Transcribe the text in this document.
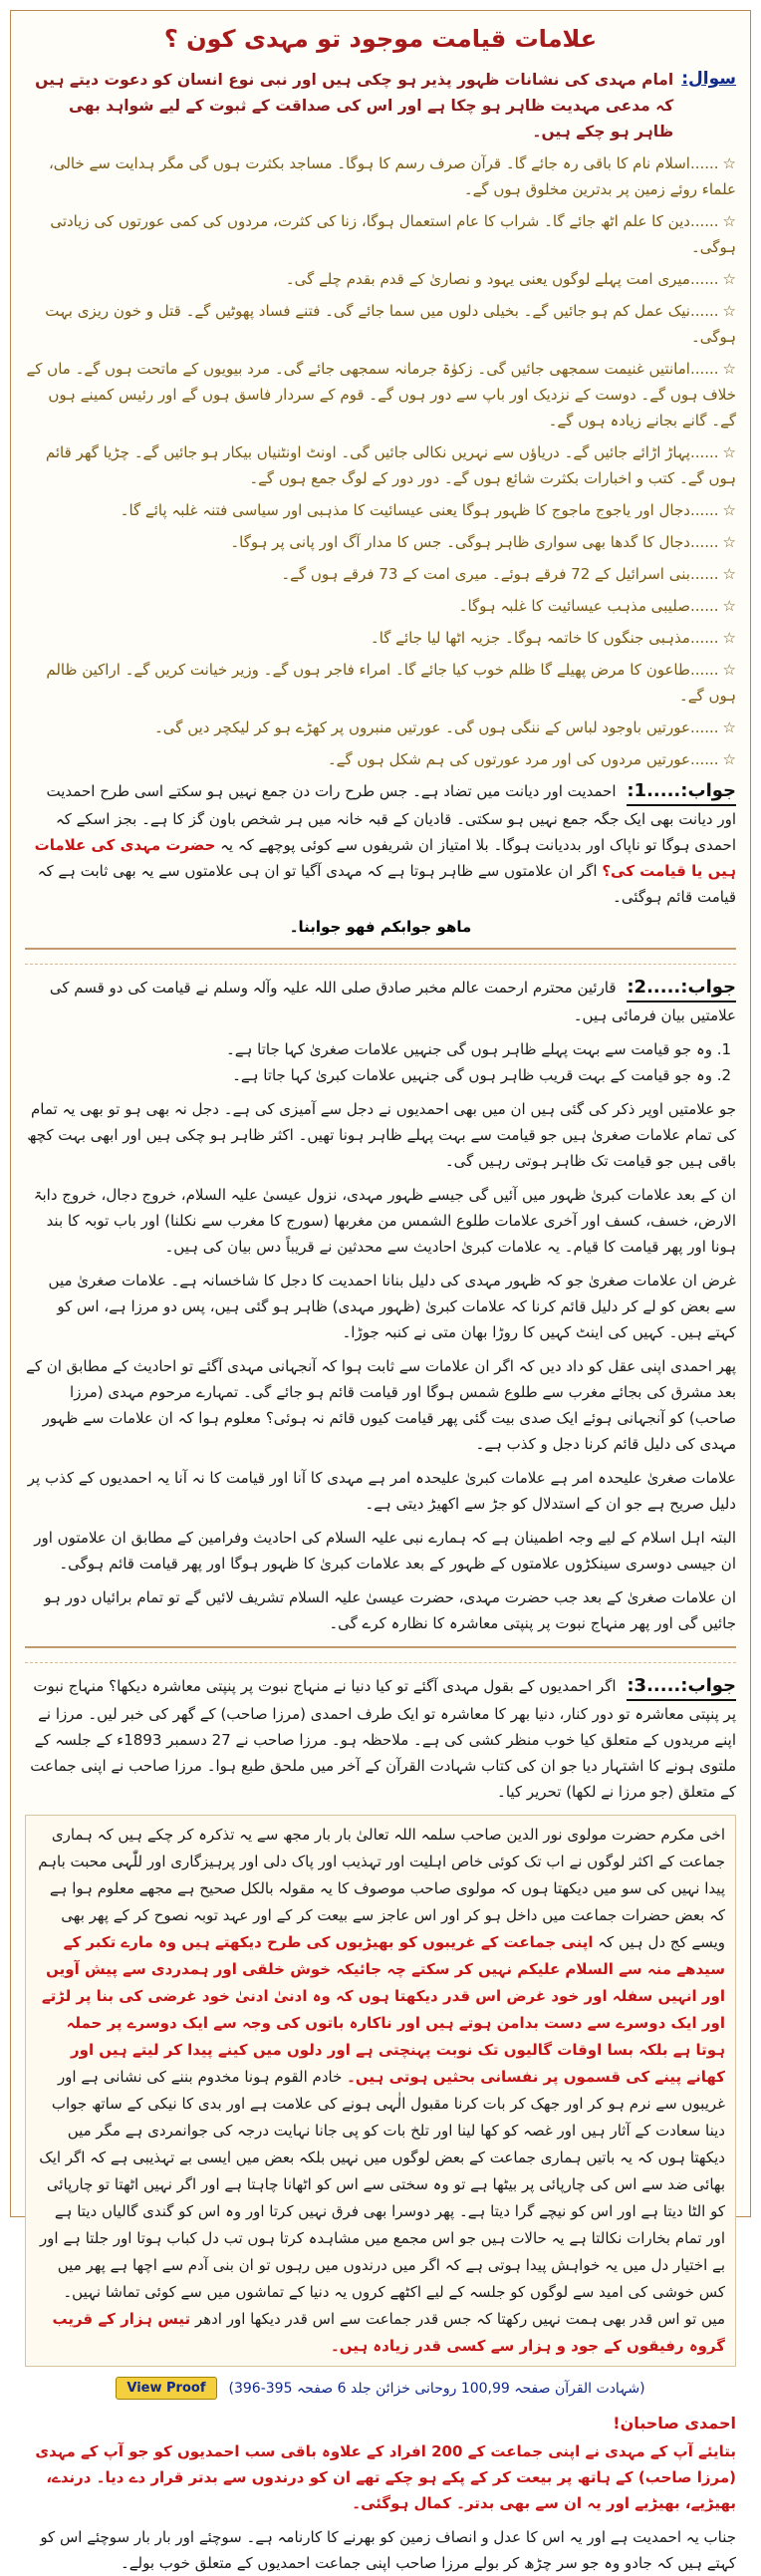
علامات قیامت موجود تو مہدی کون ؟
سوال:
امام مہدی کی نشانات ظہور پذیر ہو چکی ہیں اور نبی نوع انسان کو دعوت دیتے ہیں کہ مدعی مہدیت ظاہر ہو چکا ہے اور اس کی صداقت کے ثبوت کے لیے شواہد بھی ظاہر ہو چکے ہیں۔
☆......اسلام نام کا باقی رہ جائے گا۔ قرآن صرف رسم کا ہوگا۔ مساجد بکثرت ہوں گی مگر ہدایت سے خالی، علماء روئے زمین پر بدترین مخلوق ہوں گے۔
☆......دین کا علم اٹھ جائے گا۔ شراب کا عام استعمال ہوگا، زنا کی کثرت، مردوں کی کمی عورتوں کی زیادتی ہوگی۔
☆......میری امت پہلے لوگوں یعنی یہود و نصاریٰ کے قدم بقدم چلے گی۔
☆......نیک عمل کم ہو جائیں گے۔ بخیلی دلوں میں سما جائے گی۔ فتنے فساد پھوٹیں گے۔ قتل و خون ریزی بہت ہوگی۔
☆......امانتیں غنیمت سمجھی جائیں گی۔ زکوٰۃ جرمانہ سمجھی جائے گی۔ مرد بیویوں کے ماتحت ہوں گے۔ ماں کے خلاف ہوں گے۔ دوست کے نزدیک اور باپ سے دور ہوں گے۔ قوم کے سردار فاسق ہوں گے اور رئیس کمینے ہوں گے۔ گانے بجانے زیادہ ہوں گے۔
☆......پہاڑ اڑائے جائیں گے۔ دریاؤں سے نہریں نکالی جائیں گی۔ اونٹ اونٹنیاں بیکار ہو جائیں گے۔ چڑیا گھر قائم ہوں گے۔ کتب و اخبارات بکثرت شائع ہوں گے۔ دور دور کے لوگ جمع ہوں گے۔
☆......دجال اور یاجوج ماجوج کا ظہور ہوگا یعنی عیسائیت کا مذہبی اور سیاسی فتنہ غلبہ پائے گا۔
☆......دجال کا گدھا بھی سواری ظاہر ہوگی۔ جس کا مدار آگ اور پانی پر ہوگا۔
☆......بنی اسرائیل کے 72 فرقے ہوئے۔ میری امت کے 73 فرقے ہوں گے۔
☆......صلیبی مذہب عیسائیت کا غلبہ ہوگا۔
☆......مذہبی جنگوں کا خاتمہ ہوگا۔ جزیہ اٹھا لیا جائے گا۔
☆......طاعون کا مرض پھیلے گا ظلم خوب کیا جائے گا۔ امراء فاجر ہوں گے۔ وزیر خیانت کریں گے۔ اراکین ظالم ہوں گے۔
☆......عورتیں باوجود لباس کے ننگی ہوں گی۔ عورتیں منبروں پر کھڑے ہو کر لیکچر دیں گی۔
☆......عورتیں مردوں کی اور مرد عورتوں کی ہم شکل ہوں گے۔

جواب:.....1: احمدیت اور دیانت میں تضاد ہے۔ جس طرح رات دن جمع نہیں ہو سکتے اسی طرح احمدیت اور دیانت بھی ایک جگہ جمع نہیں ہو سکتی۔ قادیان کے قبہ خانہ میں ہر شخص باون گز کا ہے۔ بجز اسکے کہ احمدی ہوگا تو ناپاک اور بددیانت ہوگا۔ بلا امتیاز ان شریفوں سے کوئی پوچھے کہ یہ حضرت مہدی کی علامات ہیں یا قیامت کی؟ اگر ان علامتوں سے ظاہر ہوتا ہے کہ مہدی آگیا تو ان ہی علامتوں سے یہ بھی ثابت ہے کہ قیامت قائم ہوگئی۔

ماھو جوابکم فھو جوابنا۔

جواب:.....2: قارئین محترم ارحمت عالم مخبر صادق صلی اللہ علیہ وآلہ وسلم نے قیامت کی دو قسم کی علامتیں بیان فرمائی ہیں۔

1. وہ جو قیامت سے بہت پہلے ظاہر ہوں گی جنہیں علامات صغریٰ کہا جاتا ہے۔
2. وہ جو قیامت کے بہت قریب ظاہر ہوں گی جنہیں علامات کبریٰ کہا جاتا ہے۔

جو علامتیں اوپر ذکر کی گئی ہیں ان میں بھی احمدیوں نے دجل سے آمیزی کی ہے۔ دجل نہ بھی ہو تو بھی یہ تمام کی تمام علامات صغریٰ ہیں جو قیامت سے بہت پہلے ظاہر ہونا تھیں۔ اکثر ظاہر ہو چکی ہیں اور ابھی بہت کچھ باقی ہیں جو قیامت تک ظاہر ہوتی رہیں گی۔

ان کے بعد علامات کبریٰ ظہور میں آئیں گی جیسے ظہور مہدی، نزول عیسیٰ علیہ السلام، خروج دجال، خروج دابۃ الارض، خسف، کسف اور آخری علامات طلوع الشمس من مغربھا (سورج کا مغرب سے نکلنا) اور باب توبہ کا بند ہونا اور پھر قیامت کا قیام۔ یہ علامات کبریٰ احادیث سے محدثین نے قریباً دس بیان کی ہیں۔

غرض ان علامات صغریٰ جو کہ ظہور مہدی کی دلیل بنانا احمدیت کا دجل کا شاخسانہ ہے۔ علامات صغریٰ میں سے بعض کو لے کر دلیل قائم کرنا کہ علامات کبریٰ (ظہور مہدی) ظاہر ہو گئی ہیں، پس دو مرزا ہے، اس کو کہتے ہیں۔ کہیں کی اینٹ کہیں کا روڑا بھان متی نے کنبہ جوڑا۔

پھر احمدی اپنی عقل کو داد دیں کہ اگر ان علامات سے ثابت ہوا کہ آنجہانی مہدی آگئے تو احادیث کے مطابق ان کے بعد مشرق کی بجائے مغرب سے طلوع شمس ہوگا اور قیامت قائم ہو جائے گی۔ تمہارے مرحوم مہدی (مرزا صاحب) کو آنجہانی ہوئے ایک صدی بیت گئی پھر قیامت کیوں قائم نہ ہوئی؟ معلوم ہوا کہ ان علامات سے ظہور مہدی کی دلیل قائم کرنا دجل و کذب ہے۔

علامات صغریٰ علیحدہ امر ہے علامات کبریٰ علیحدہ امر ہے مہدی کا آنا اور قیامت کا نہ آنا یہ احمدیوں کے کذب پر دلیل صریح ہے جو ان کے استدلال کو جڑ سے اکھیڑ دیتی ہے۔

البتہ اہل اسلام کے لیے وجہ اطمینان ہے کہ ہمارے نبی علیہ السلام کی احادیث وفرامین کے مطابق ان علامتوں اور ان جیسی دوسری سینکڑوں علامتوں کے ظہور کے بعد علامات کبریٰ کا ظہور ہوگا اور پھر قیامت قائم ہوگی۔

ان علامات صغریٰ کے بعد جب حضرت مہدی، حضرت عیسیٰ علیہ السلام تشریف لائیں گے تو تمام برائیاں دور ہو جائیں گی اور پھر منہاج نبوت پر پنپتی معاشرہ کا نظارہ کرے گی۔

جواب:.....3: اگر احمدیوں کے بقول مہدی آگئے تو کیا دنیا نے منہاج نبوت پر پنپتی معاشرہ دیکھا؟ منہاج نبوت پر پنپتی معاشرہ تو دور کنار، دنیا بھر کا معاشرہ تو ایک طرف احمدی (مرزا صاحب) کے گھر کی خبر لیں۔ مرزا نے اپنے مریدوں کے متعلق کیا خوب منظر کشی کی ہے۔ ملاحظہ ہو۔ مرزا صاحب نے 27 دسمبر 1893ء کے جلسہ کے ملتوی ہونے کا اشتہار دیا جو ان کی کتاب شہادت القرآن کے آخر میں ملحق طبع ہوا۔ مرزا صاحب نے اپنی جماعت کے متعلق (جو مرزا نے لکھا) تحریر کیا۔

اخی مکرم حضرت مولوی نور الدین صاحب سلمہ اللہ تعالیٰ بار بار مجھ سے یہ تذکرہ کر چکے ہیں کہ ہماری جماعت کے اکثر لوگوں نے اب تک کوئی خاص اہلیت اور تہذیب اور پاک دلی اور پرہیزگاری اور للّٰہی محبت باہم پیدا نہیں کی سو میں دیکھتا ہوں کہ مولوی صاحب موصوف کا یہ مقولہ بالکل صحیح ہے مجھے معلوم ہوا ہے کہ بعض حضرات جماعت میں داخل ہو کر اور اس عاجز سے بیعت کر کے اور عہد توبہ نصوح کر کے پھر بھی ویسے کج دل ہیں کہ اپنی جماعت کے غریبوں کو بھیڑیوں کی طرح دیکھتے ہیں وہ مارے تکبر کے سیدھے منہ سے السلام علیکم نہیں کر سکتے چہ جائیکہ خوش خلقی اور ہمدردی سے پیش آویں اور انہیں سفلہ اور خود غرض اس قدر دیکھتا ہوں کہ وہ ادنیٰ ادنیٰ خود غرضی کی بنا پر لڑتے اور ایک دوسرے سے دست بدامن ہوتے ہیں اور ناکارہ باتوں کی وجہ سے ایک دوسرے پر حملہ ہوتا ہے بلکہ بسا اوقات گالیوں تک نوبت پہنچتی ہے اور دلوں میں کینے پیدا کر لیتے ہیں اور کھانے پینے کی قسموں پر نفسانی بحثیں ہوتی ہیں۔ خادم القوم ہونا مخدوم بننے کی نشانی ہے اور غریبوں سے نرم ہو کر اور جھک کر بات کرنا مقبول الٰہی ہونے کی علامت ہے اور بدی کا نیکی کے ساتھ جواب دینا سعادت کے آثار ہیں اور غصہ کو کھا لینا اور تلخ بات کو پی جانا نہایت درجہ کی جوانمردی ہے مگر میں دیکھتا ہوں کہ یہ باتیں ہماری جماعت کے بعض لوگوں میں نہیں بلکہ بعض میں ایسی بے تہذیبی ہے کہ اگر ایک بھائی ضد سے اس کی چارپائی پر بیٹھا ہے تو وہ سختی سے اس کو اٹھانا چاہتا ہے اور اگر نہیں اٹھتا تو چارپائی کو الٹا دیتا ہے اور اس کو نیچے گرا دیتا ہے۔ پھر دوسرا بھی فرق نہیں کرتا اور وہ اس کو گندی گالیاں دیتا ہے اور تمام بخارات نکالتا ہے یہ حالات ہیں جو اس مجمع میں مشاہدہ کرتا ہوں تب دل کباب ہوتا اور جلتا ہے اور بے اختیار دل میں یہ خواہش پیدا ہوتی ہے کہ اگر میں درندوں میں رہوں تو ان بنی آدم سے اچھا ہے پھر میں کس خوشی کی امید سے لوگوں کو جلسہ کے لیے اکٹھے کروں یہ دنیا کے تماشوں میں سے کوئی تماشا نہیں۔ میں تو اس قدر بھی ہمت نہیں رکھتا کہ جس قدر جماعت سے اس قدر دیکھا اور ادھر تیس ہزار کے قریب گروہ رفیقوں کے جود و ہزار سے کسی قدر زیادہ ہیں۔
View Proof	(شہادت القرآن صفحہ 100,99 روحانی خزائن جلد 6 صفحہ 395-396)
احمدی صاحبان!

بتایئے آپ کے مہدی نے اپنی جماعت کے 200 افراد کے علاوہ باقی سب احمدیوں کو جو آپ کے مہدی (مرزا صاحب) کے ہاتھ پر بیعت کر کے پکے ہو چکے تھے ان کو درندوں سے بدتر قرار دے دیا۔ درندے، بھیڑیے، بھیڑیے اور یہ ان سے بھی بدتر۔ کمال ہوگئی۔

جناب یہ احمدیت ہے اور یہ اس کا عدل و انصاف زمین کو بھرنے کا کارنامہ ہے۔ سوچئے اور بار بار سوچئے اس کو کہتے ہیں کہ جادو وہ جو سر چڑھ کر بولے مرزا صاحب اپنی جماعت احمدیوں کے متعلق خوب بولے۔
